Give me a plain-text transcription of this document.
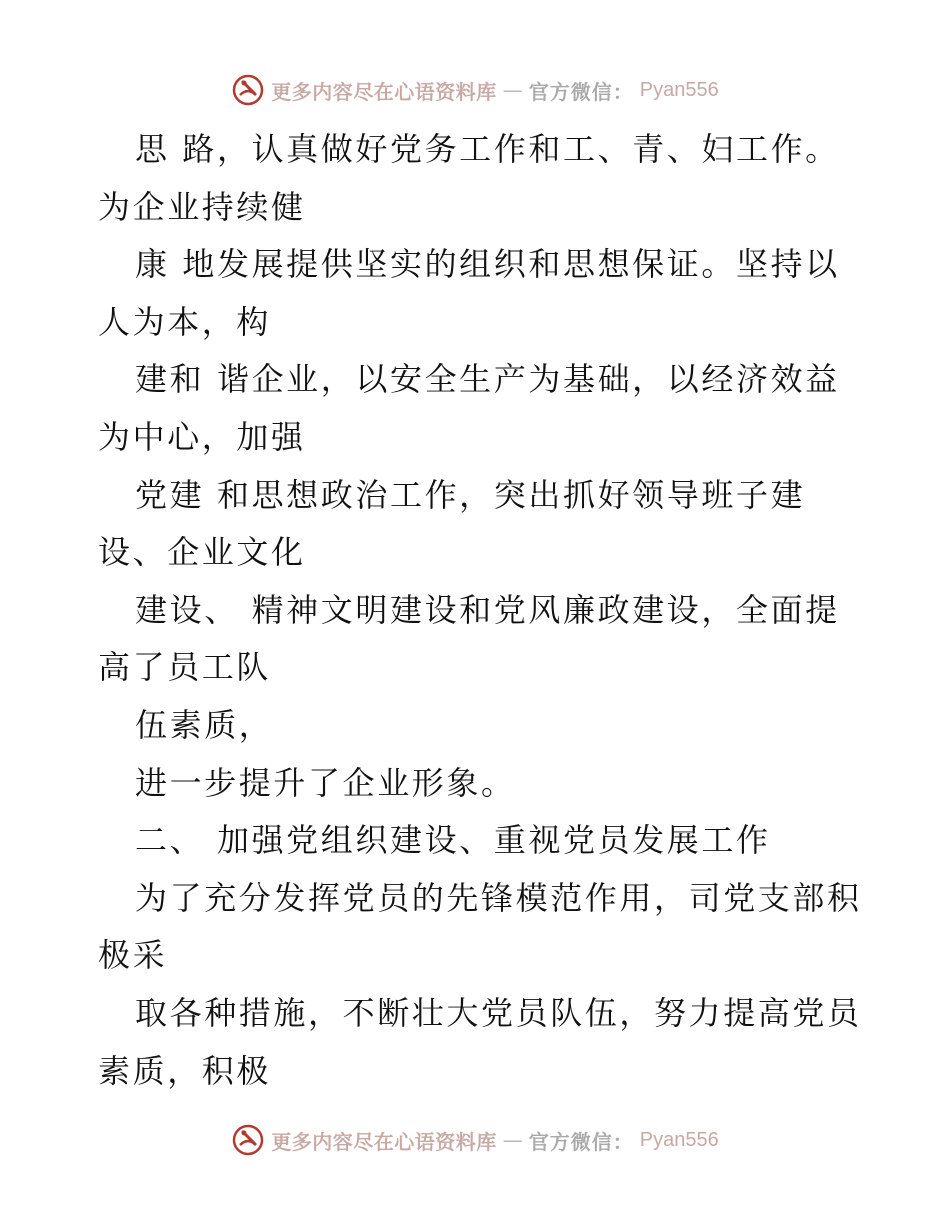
更多内容尽在心语资料库 — 官方微信： Pyan556
思 路，认真做好党务工作和工、青、妇工作。
为企业持续健
康 地发展提供坚实的组织和思想保证。坚持以
人为本，构
建和 谐企业，以安全生产为基础，以经济效益
为中心，加强
党建 和思想政治工作，突出抓好领导班子建
设、企业文化
建设、 精神文明建设和党风廉政建设，全面提
高了员工队
伍素质，
进一步提升了企业形象。
二、 加强党组织建设、重视党员发展工作
为了充分发挥党员的先锋模范作用，司党支部积
极采
取各种措施，不断壮大党员队伍，努力提高党员
素质，积极
更多内容尽在心语资料库 — 官方微信： Pyan556
